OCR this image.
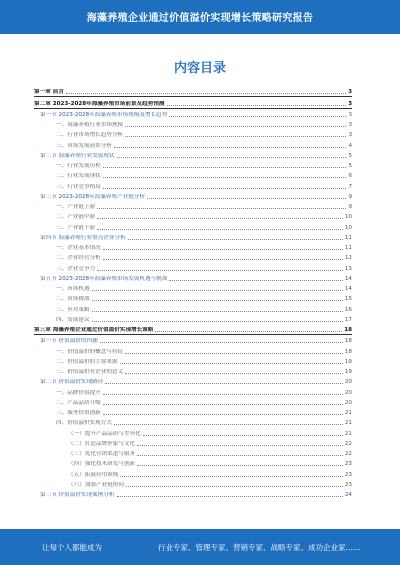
海藻养殖企业通过价值溢价实现增长策略研究报告
内容目录
第一章 前言	3
第二章 2023-2028年海藻养殖市场前景及趋势预测	3
第一节 2023-2028年海藻养殖市场规模及增长趋势	3
一、海藻养殖行业市场规模	3
二、行业市场增长趋势分析	3
三、市场发展前景分析	4
第二节 海藻养殖行业发展现状	5
一、行业发展历程	5
二、行业发展现状	6
三、行业竞争格局	7
第三节 2023-2028年海藻养殖产业链分析	9
一、产业链上游	9
二、产业链中游	10
三、产业链下游	10
第四节 海藻养殖行业重点企业分析	11
一、企业基本情况	11
二、企业经营分析	12
三、企业竞争力	13
第五节 2023-2028年海藻养殖市场发展机遇与挑战	14
一、市场机遇	14
二、市场挑战	15
三、应对策略	16
四、发展建议	17
第三章 海藻养殖企业通过价值溢价实现增长策略	18
第一节 价值溢价的内涵	18
一、价值溢价的概念与特征	18
二、价值溢价的主要来源	19
三、价值溢价对企业的意义	19
第二节 价值溢价实现路径	20
一、品牌价值提升	20
二、产品品质升级	20
三、服务价值创新	21
四、价值溢价实现方式	21
（一）提升产品品质与差异化	21
（二）打造品牌形象与文化	22
（三）优化营销渠道与服务	22
（四）强化技术研发与创新	23
（五）拓展应用领域	23
（六）加强产业链协同	23
第三节 价值溢价实现案例分析	24
让每个人都能成为	行业专家、管理专家、营销专家、战略专家、成功企业家……
